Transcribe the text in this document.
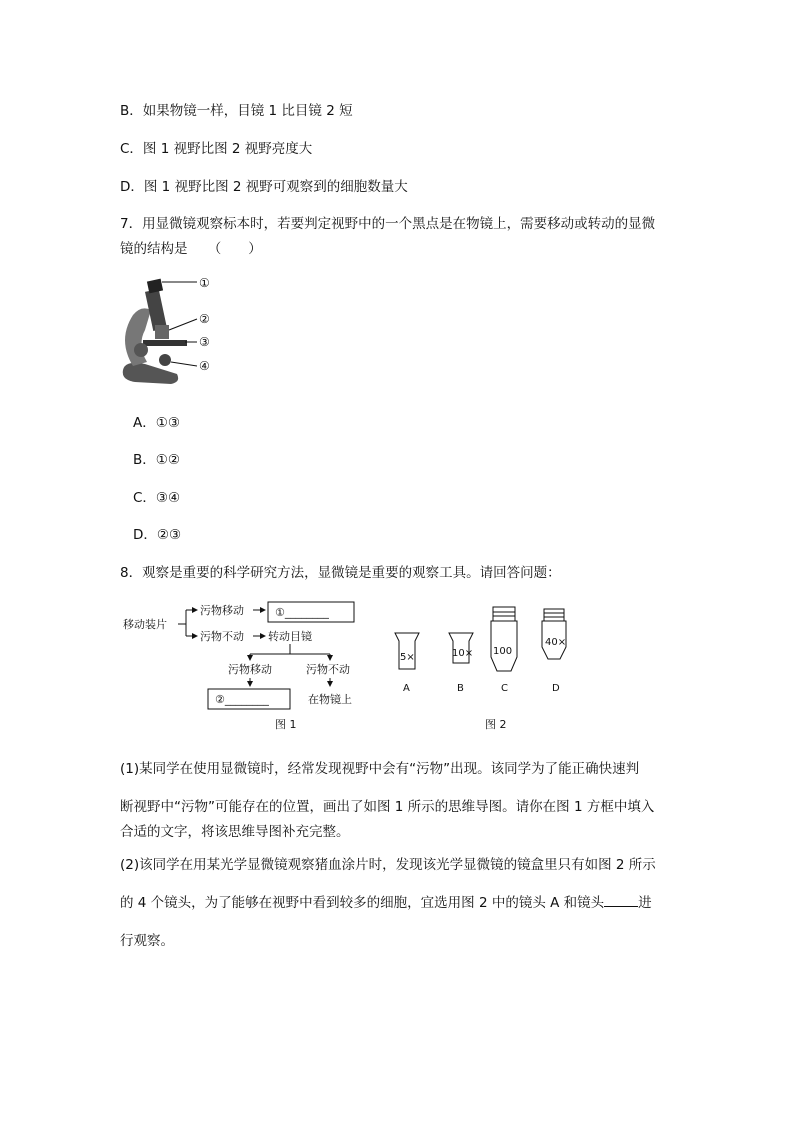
B．如果物镜一样，目镜 1 比目镜 2 短
C．图 1 视野比图 2 视野亮度大
D．图 1 视野比图 2 视野可观察到的细胞数量大
7．用显微镜观察标本时，若要判定视野中的一个黑点是在物镜上，需要移动或转动的显微
镜的结构是　　（　　）
①
②
③
④
A．①③
B．①②
C．③④
D．②③
8．观察是重要的科学研究方法，显微镜是重要的观察工具。请回答问题：
移动装片
污物移动	①________
污物不动 转动目镜
污物移动	污物不动
②________	在物镜上
图 1
5×
A
10×
B
100
C
40×
D
图 2
(1)某同学在使用显微镜时，经常发现视野中会有“污物”出现。该同学为了能正确快速判
断视野中“污物”可能存在的位置，画出了如图 1 所示的思维导图。请你在图 1 方框中填入
合适的文字，将该思维导图补充完整。
(2)该同学在用某光学显微镜观察猪血涂片时，发现该光学显微镜的镜盒里只有如图 2 所示
的 4 个镜头，为了能够在视野中看到较多的细胞，宜选用图 2 中的镜头 A 和镜头	进
行观察。
